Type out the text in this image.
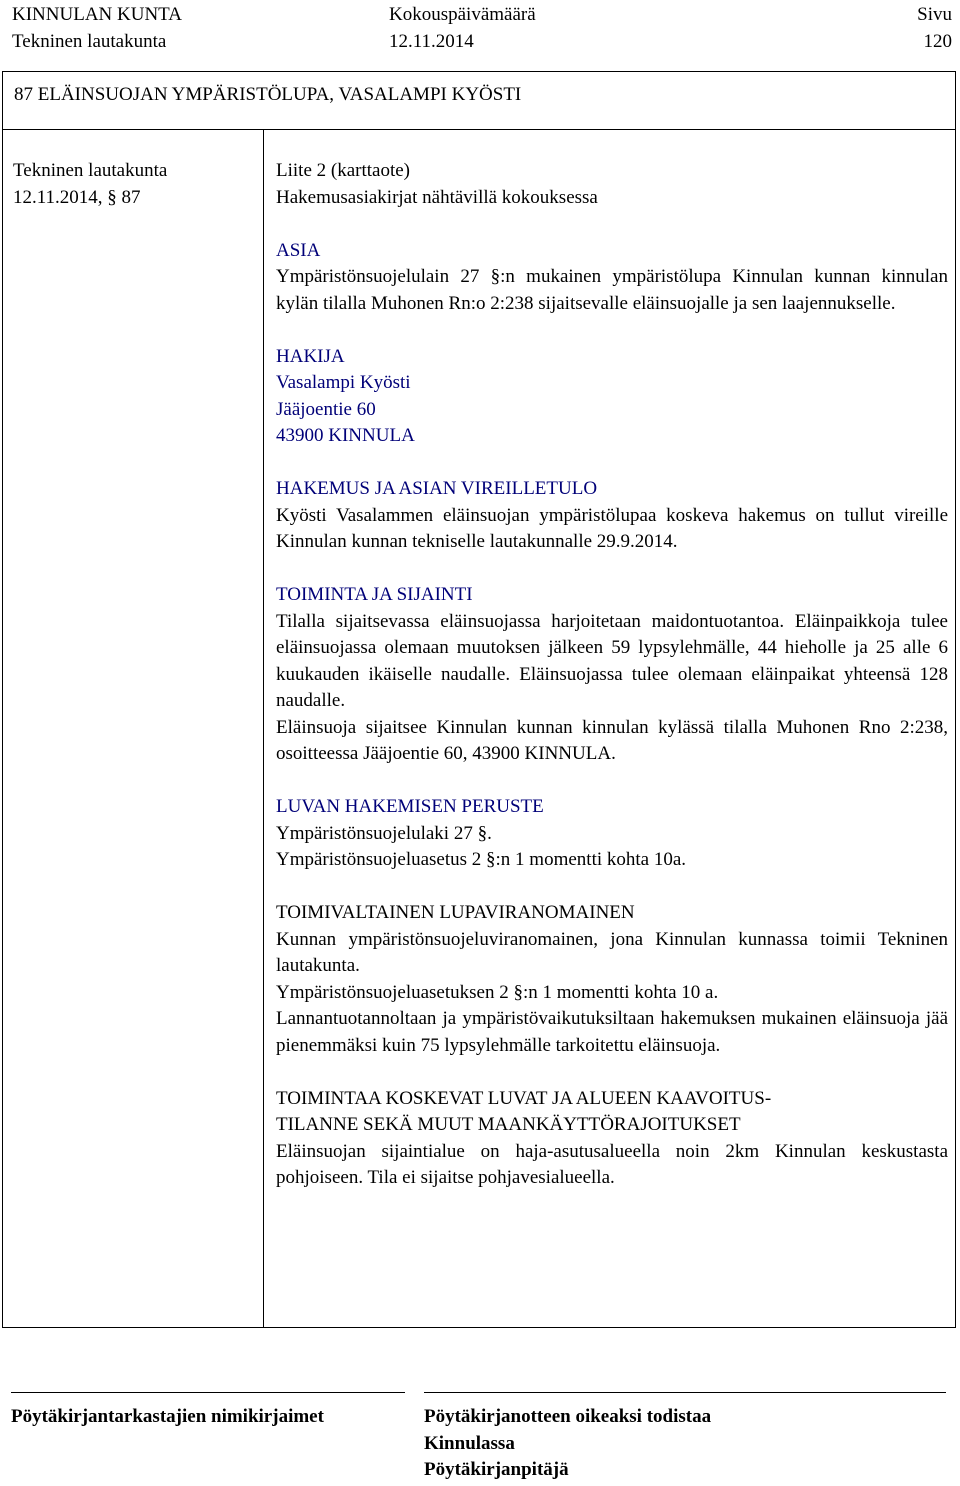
KINNULAN KUNTA	Kokouspäivämäärä	Sivu
Tekninen lautakunta	12.11.2014	120
87 ELÄINSUOJAN YMPÄRISTÖLUPA, VASALAMPI KYÖSTI

Tekninen lautakunta

12.11.2014, § 87

Liite 2 (karttaote)

Hakemusasiakirjat nähtävillä kokouksessa

ASIA

Ympäristönsuojelulain 27 §:n mukainen ympäristölupa Kinnulan kunnan kinnulan kylän tilalla Muhonen Rn:o 2:238 sijaitsevalle eläinsuojalle ja sen laajennukselle.

HAKIJA

Vasalampi Kyösti

Jääjoentie 60

43900 KINNULA

HAKEMUS JA ASIAN VIREILLETULO

Kyösti Vasalammen eläinsuojan ympäristölupaa koskeva hakemus on tullut vireille Kinnulan kunnan tekniselle lautakunnalle 29.9.2014.

TOIMINTA JA SIJAINTI

Tilalla sijaitsevassa eläinsuojassa harjoitetaan maidontuotantoa. Eläinpaikkoja tulee eläinsuojassa olemaan muutoksen jälkeen 59 lypsylehmälle, 44 hieholle ja 25 alle 6 kuukauden ikäiselle naudalle. Eläinsuojassa tulee olemaan eläinpaikat yhteensä 128 naudalle.

Eläinsuoja sijaitsee Kinnulan kunnan kinnulan kylässä tilalla Muhonen Rno 2:238, osoitteessa Jääjoentie 60, 43900 KINNULA.

LUVAN HAKEMISEN PERUSTE

Ympäristönsuojelulaki 27 §.

Ympäristönsuojeluasetus 2 §:n 1 momentti kohta 10a.

TOIMIVALTAINEN LUPAVIRANOMAINEN

Kunnan ympäristönsuojeluviranomainen, jona Kinnulan kunnassa toimii Tekninen lautakunta.

Ympäristönsuojeluasetuksen 2 §:n 1 momentti kohta 10 a.

Lannantuotannoltaan ja ympäristövaikutuksiltaan hakemuksen mukainen eläinsuoja jää pienemmäksi kuin 75 lypsylehmälle tarkoitettu eläinsuoja.

TOIMINTAA KOSKEVAT LUVAT JA ALUEEN KAAVOITUS-

TILANNE SEKÄ MUUT MAANKÄYTTÖRAJOITUKSET

Eläinsuojan sijaintialue on haja-asutusalueella noin 2km Kinnulan keskustasta pohjoiseen. Tila ei sijaitse pohjavesialueella.

Pöytäkirjantarkastajien nimikirjaimet	Pöytäkirjanotteen oikeaksi todistaa
Kinnulassa
Pöytäkirjanpitäjä
